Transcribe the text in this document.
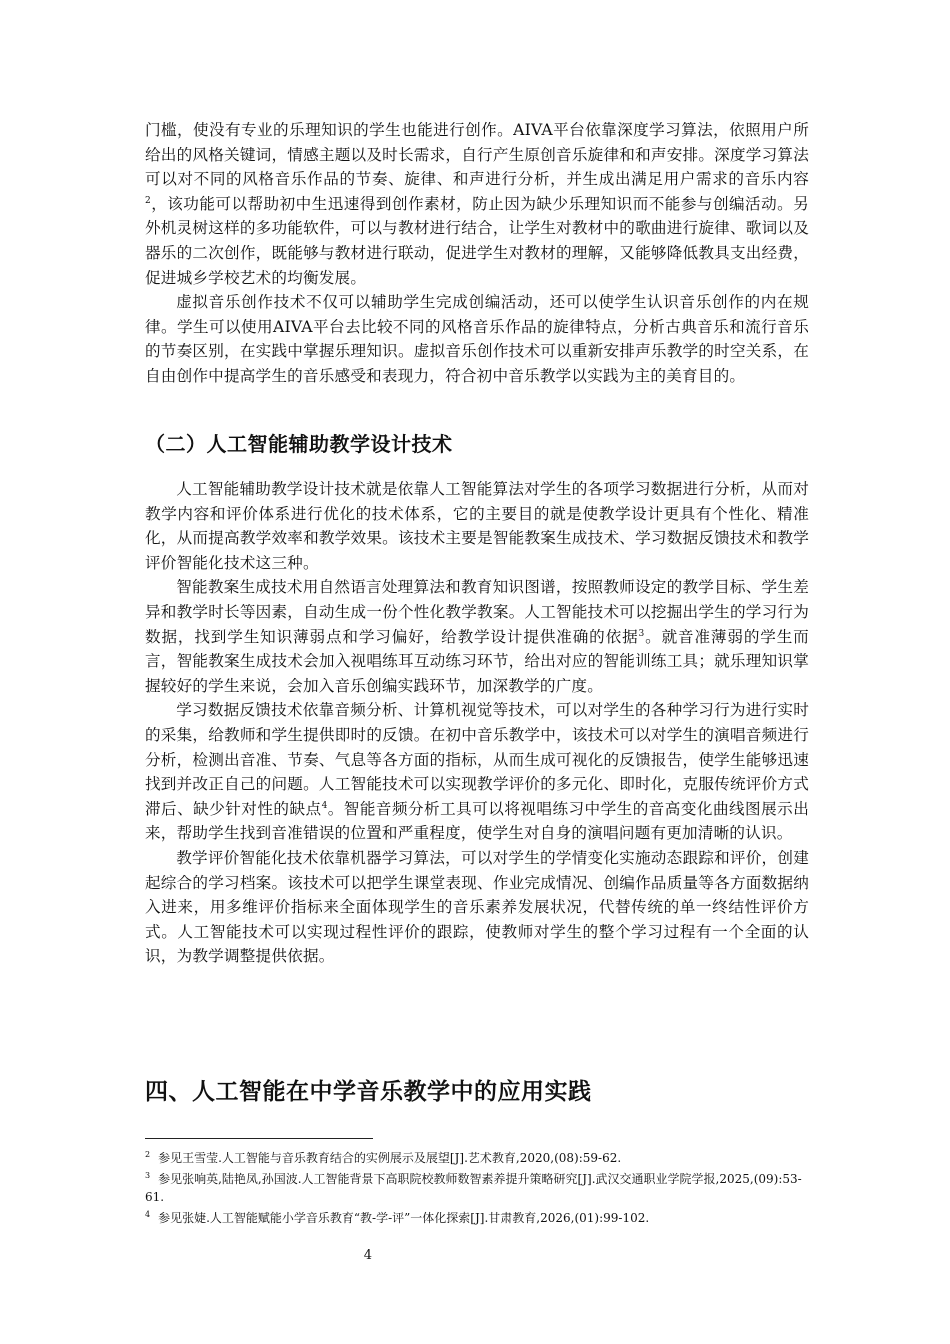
门槛，使没有专业的乐理知识的学生也能进行创作。AIVA平台依靠深度学习算法，依照用户所给出的风格关键词，情感主题以及时长需求，自行产生原创音乐旋律和和声安排。深度学习算法可以对不同的风格音乐作品的节奏、旋律、和声进行分析，并生成出满足用户需求的音乐内容$^2$，该功能可以帮助初中生迅速得到创作素材，防止因为缺少乐理知识而不能参与创编活动。另外机灵树这样的多功能软件，可以与教材进行结合，让学生对教材中的歌曲进行旋律、歌词以及器乐的二次创作，既能够与教材进行联动，促进学生对教材的理解，又能够降低教具支出经费，促进城乡学校艺术的均衡发展。

虚拟音乐创作技术不仅可以辅助学生完成创编活动，还可以使学生认识音乐创作的内在规律。学生可以使用AIVA平台去比较不同的风格音乐作品的旋律特点，分析古典音乐和流行音乐的节奏区别，在实践中掌握乐理知识。虚拟音乐创作技术可以重新安排声乐教学的时空关系，在自由创作中提高学生的音乐感受和表现力，符合初中音乐教学以实践为主的美育目的。

（二）人工智能辅助教学设计技术

人工智能辅助教学设计技术就是依靠人工智能算法对学生的各项学习数据进行分析，从而对教学内容和评价体系进行优化的技术体系，它的主要目的就是使教学设计更具有个性化、精准化，从而提高教学效率和教学效果。该技术主要是智能教案生成技术、学习数据反馈技术和教学评价智能化技术这三种。

智能教案生成技术用自然语言处理算法和教育知识图谱，按照教师设定的教学目标、学生差异和教学时长等因素，自动生成一份个性化教学教案。人工智能技术可以挖掘出学生的学习行为数据，找到学生知识薄弱点和学习偏好，给教学设计提供准确的依据$^3$。就音准薄弱的学生而言，智能教案生成技术会加入视唱练耳互动练习环节，给出对应的智能训练工具；就乐理知识掌握较好的学生来说，会加入音乐创编实践环节，加深教学的广度。

学习数据反馈技术依靠音频分析、计算机视觉等技术，可以对学生的各种学习行为进行实时的采集，给教师和学生提供即时的反馈。在初中音乐教学中，该技术可以对学生的演唱音频进行分析，检测出音准、节奏、气息等各方面的指标，从而生成可视化的反馈报告，使学生能够迅速找到并改正自己的问题。人工智能技术可以实现教学评价的多元化、即时化，克服传统评价方式滞后、缺少针对性的缺点$^4$。智能音频分析工具可以将视唱练习中学生的音高变化曲线图展示出来，帮助学生找到音准错误的位置和严重程度，使学生对自身的演唱问题有更加清晰的认识。

教学评价智能化技术依靠机器学习算法，可以对学生的学情变化实施动态跟踪和评价，创建起综合的学习档案。该技术可以把学生课堂表现、作业完成情况、创编作品质量等各方面数据纳入进来，用多维评价指标来全面体现学生的音乐素养发展状况，代替传统的单一终结性评价方式。人工智能技术可以实现过程性评价的跟踪，使教师对学生的整个学习过程有一个全面的认识，为教学调整提供依据。

四、人工智能在中学音乐教学中的应用实践

$^2$ 参见王雪莹.人工智能与音乐教育结合的实例展示及展望[J].艺术教育,2020,(08):59-62.

$^3$ 参见张响英,陆艳凤,孙国波.人工智能背景下高职院校教师数智素养提升策略研究[J].武汉交通职业学院学报,2025,(09):53-61.

$^4$ 参见张婕.人工智能赋能小学音乐教育“教-学-评”一体化探索[J].甘肃教育,2026,(01):99-102.

4
